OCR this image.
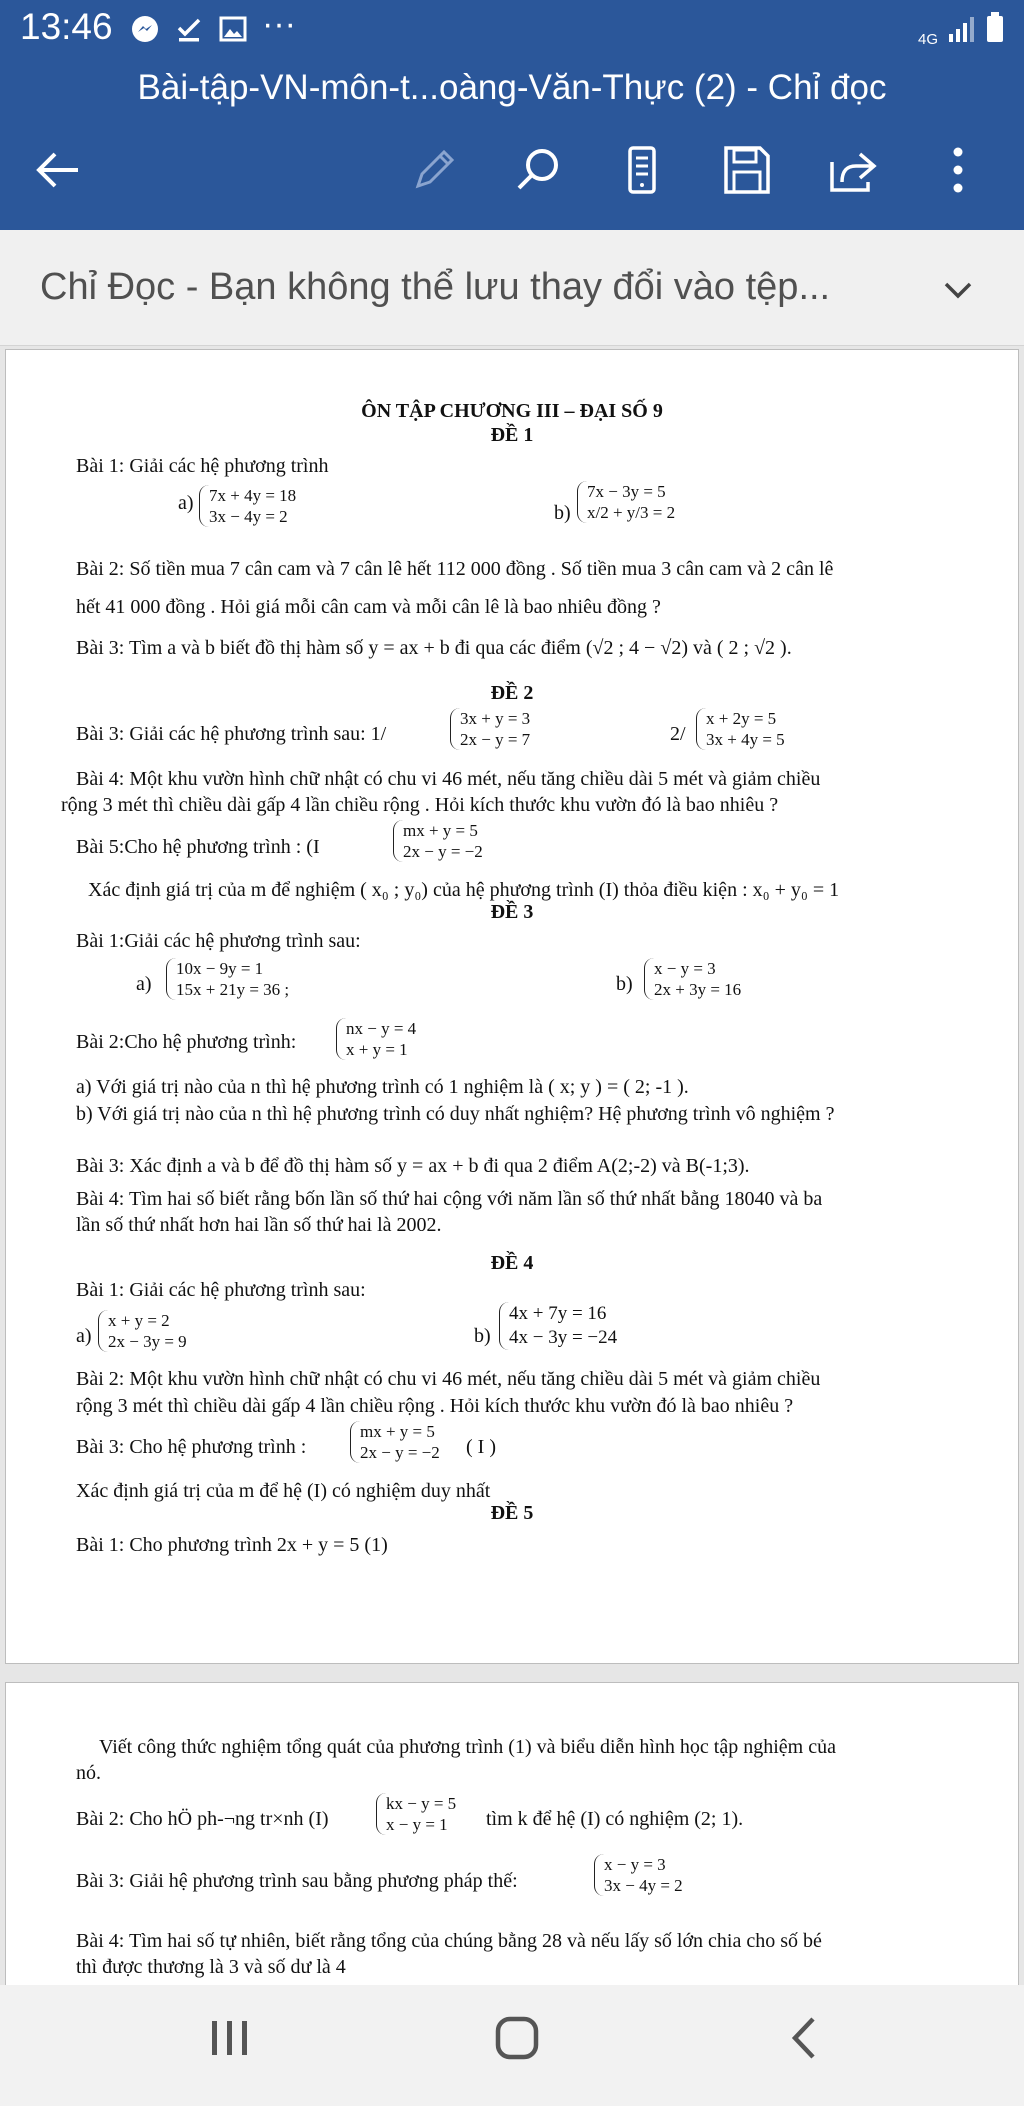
13:46	···	4G
Bài-tập-VN-môn-t...oàng-Văn-Thực (2) - Chỉ đọc
Chỉ Đọc - Bạn không thể lưu thay đổi vào tệp...

ÔN TẬP CHƯƠNG III – ĐẠI SỐ 9

ĐỀ 1

Bài 1: Giải các hệ phương trình

a) 7x + 4y = 18
3x − 4y = 2	b)

7x − 3y = 5
x/2 + y/3 = 2

Bài 2: Số tiền mua 7 cân cam và 7 cân lê hết 112 000 đồng . Số tiền mua 3 cân cam và 2 cân lê

hết 41 000 đồng . Hỏi giá mỗi cân cam và mỗi cân lê là bao nhiêu đồng ?

Bài 3: Tìm a và b biết đồ thị hàm số y = ax + b đi qua các điểm (√2 ; 4 − √2) và ( 2 ; √2 ).

ĐỀ 2

Bài 3: Giải các hệ phương trình sau: 1/

3x + y = 3
2x − y = 7	2/

x + 2y = 5
3x + 4y = 5

Bài 4: Một khu vườn hình chữ nhật có chu vi 46 mét, nếu tăng chiều dài 5 mét và giảm chiều

rộng 3 mét thì chiều dài gấp 4 lần chiều rộng . Hỏi kích thước khu vườn đó là bao nhiêu ?

Bài 5:Cho hệ phương trình : (I

mx + y = 5
2x − y = −2

Xác định giá trị của m để nghiệm ( x₀ ; y₀) của hệ phương trình (I) thỏa điều kiện : x₀ + y₀ = 1

ĐỀ 3

Bài 1:Giải các hệ phương trình sau:

a)

10x − 9y = 1
15x + 21y = 36 ;	b)

x − y = 3
2x + 3y = 16

Bài 2:Cho hệ phương trình:

nx − y = 4
x + y = 1

a) Với giá trị nào của n thì hệ phương trình có 1 nghiệm là ( x; y ) = ( 2; -1 ).

b) Với giá trị nào của n thì hệ phương trình có duy nhất nghiệm? Hệ phương trình vô nghiệm ?

Bài 3: Xác định a và b để đồ thị hàm số y = ax + b đi qua 2 điểm A(2;-2) và B(-1;3).

Bài 4: Tìm hai số biết rằng bốn lần số thứ hai cộng với năm lần số thứ nhất bằng 18040 và ba

lần số thứ nhất hơn hai lần số thứ hai là 2002.

ĐỀ 4

Bài 1: Giải các hệ phương trình sau:

a)

x + y = 2
2x − 3y = 9	b)

4x + 7y = 16
4x − 3y = −24

Bài 2: Một khu vườn hình chữ nhật có chu vi 46 mét, nếu tăng chiều dài 5 mét và giảm chiều

rộng 3 mét thì chiều dài gấp 4 lần chiều rộng . Hỏi kích thước khu vườn đó là bao nhiêu ?

Bài 3: Cho hệ phương trình :

mx + y = 5
2x − y = −2 ( I )

Xác định giá trị của m để hệ (I) có nghiệm duy nhất

ĐỀ 5

Bài 1: Cho phương trình 2x + y = 5 (1)

Viết công thức nghiệm tổng quát của phương trình (1) và biểu diễn hình học tập nghiệm của

nó.

Bài 2: Cho hÖ ph-¬ng tr×nh (I)

kx − y = 5
x − y = 1	tìm k để hệ (I) có nghiệm (2; 1).

Bài 3: Giải hệ phương trình sau bằng phương pháp thế:

x − y = 3
3x − 4y = 2

Bài 4: Tìm hai số tự nhiên, biết rằng tổng của chúng bằng 28 và nếu lấy số lớn chia cho số bé

thì được thương là 3 và số dư là 4
